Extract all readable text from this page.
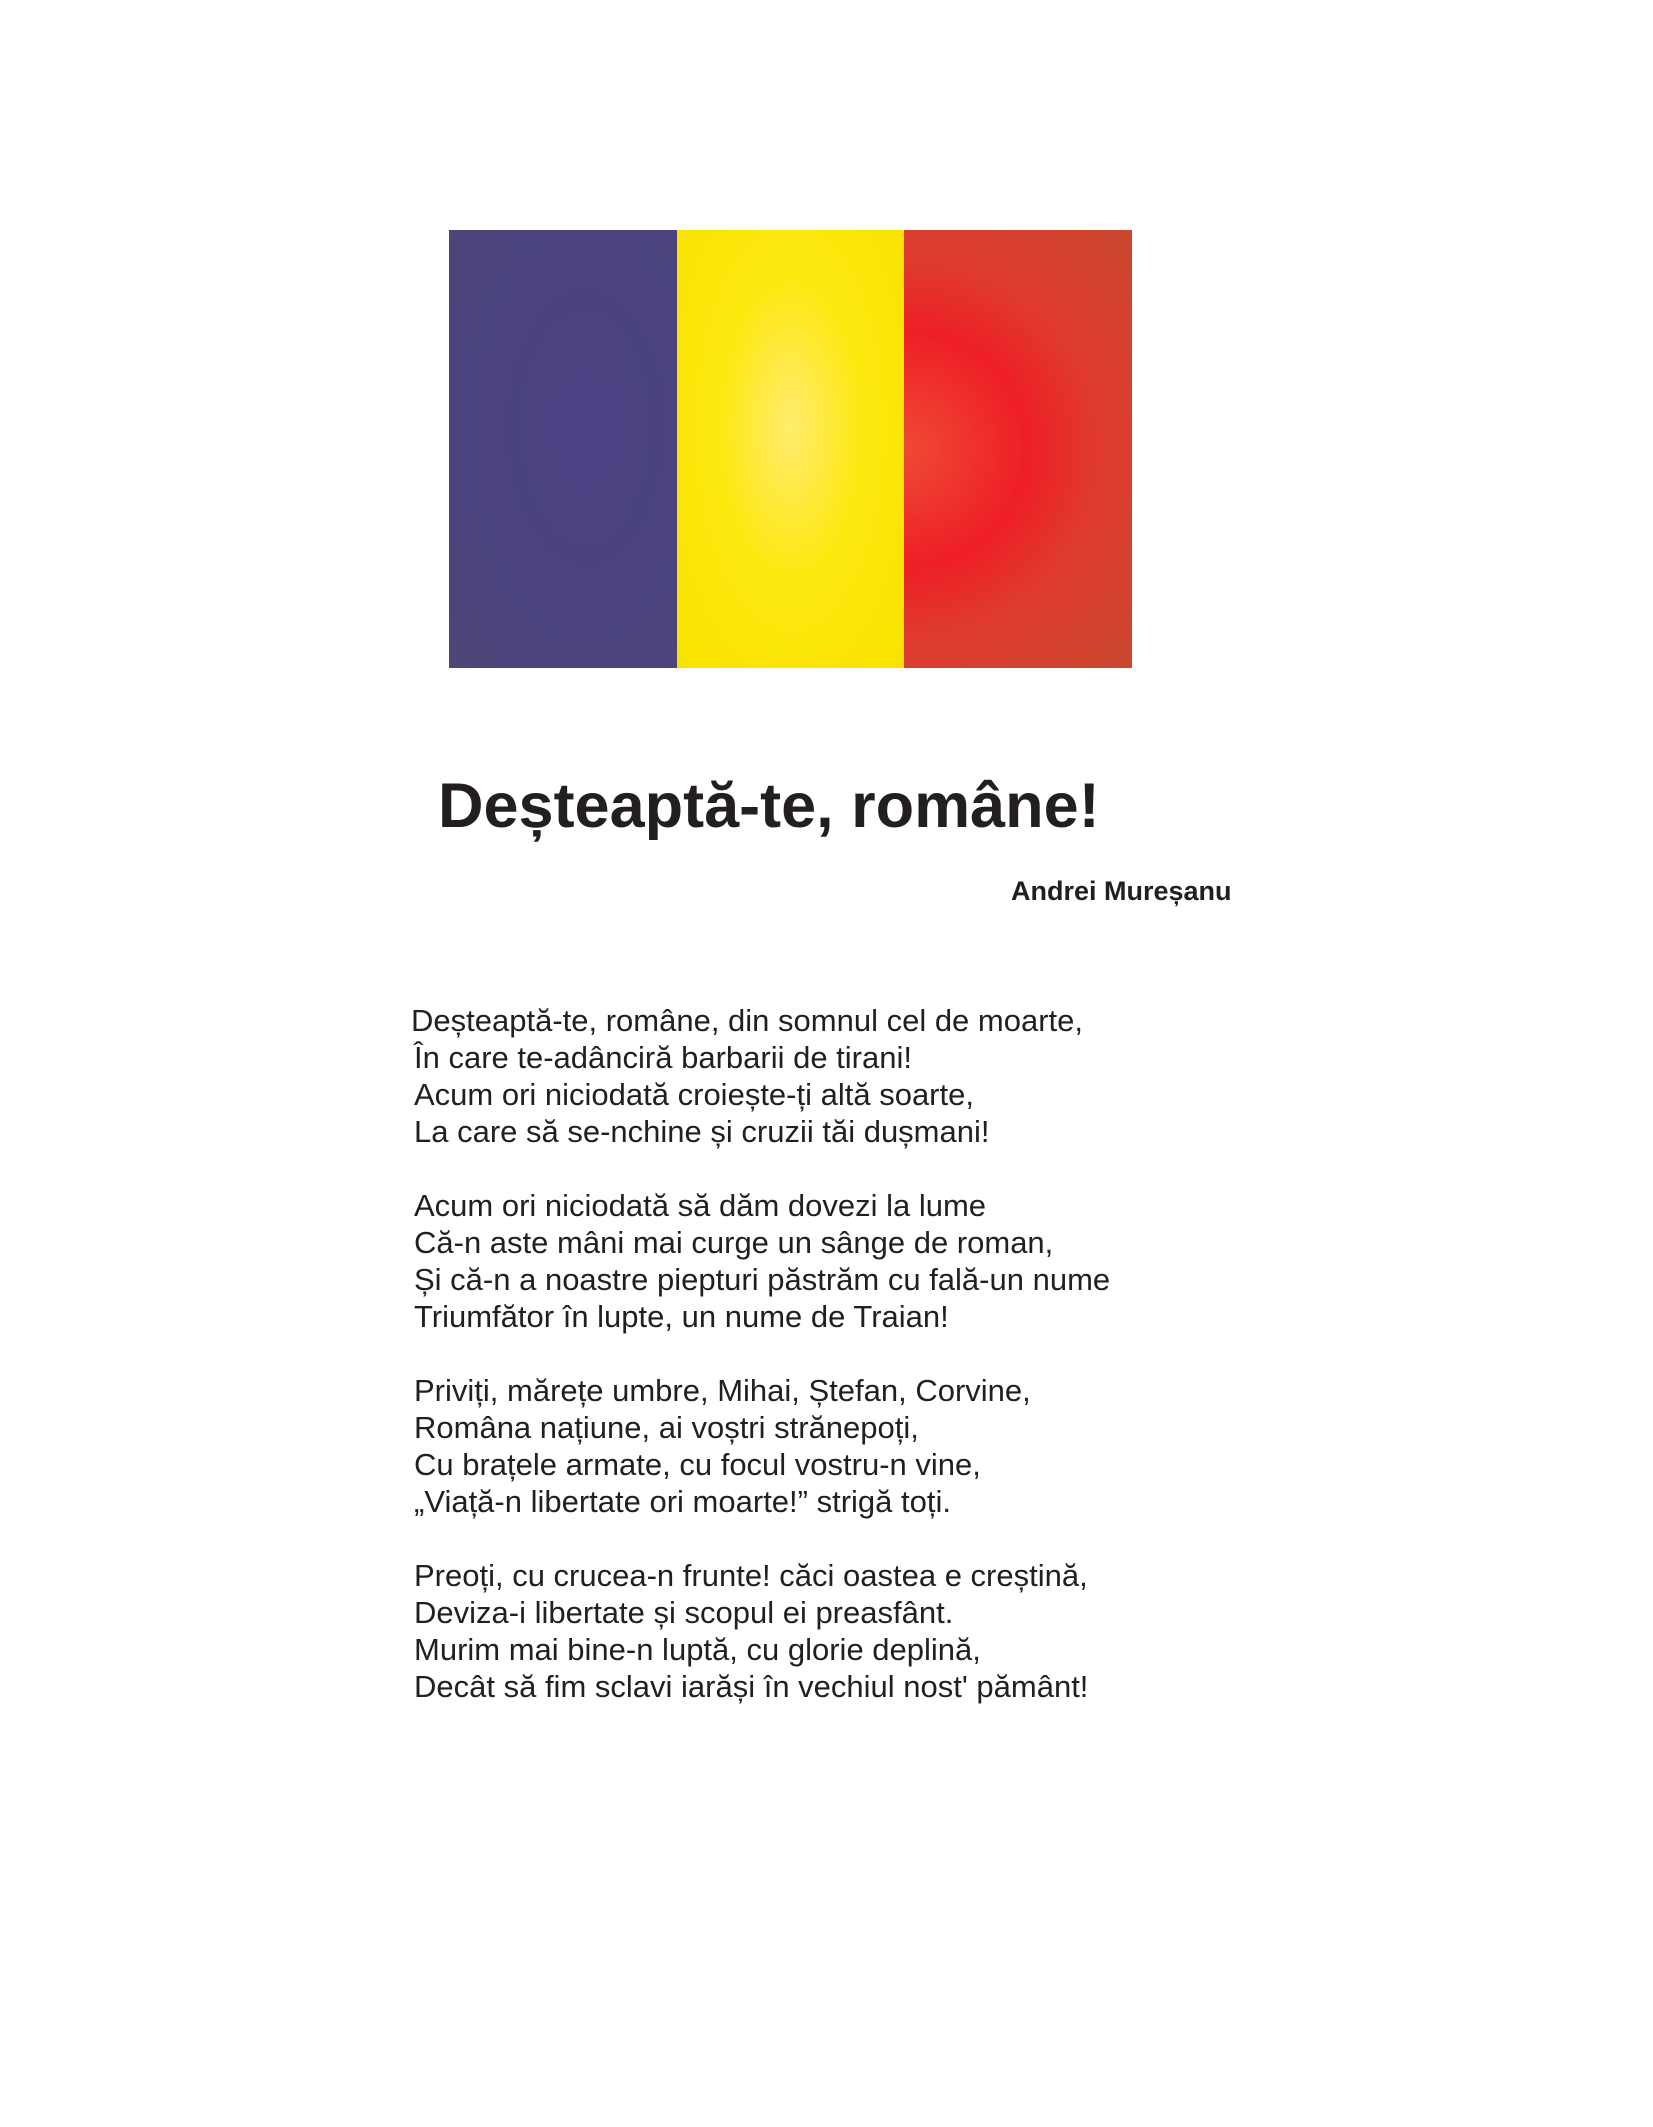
Deșteaptă-te, române!

Andrei Mureșanu

Deșteaptă-te, române, din somnul cel de moarte,
În care te-adânciră barbarii de tirani!
Acum ori niciodată croiește-ți altă soarte,
La care să se-nchine și cruzii tăi dușmani!
Acum ori niciodată să dăm dovezi la lume
Că-n aste mâni mai curge un sânge de roman,
Și că-n a noastre piepturi păstrăm cu fală-un nume
Triumfător în lupte, un nume de Traian!
Priviți, mărețe umbre, Mihai, Ștefan, Corvine,
Româna națiune, ai voștri strănepoți,
Cu brațele armate, cu focul vostru-n vine,
„Viață-n libertate ori moarte!” strigă toți.
Preoți, cu crucea-n frunte! căci oastea e creștină,
Deviza-i libertate și scopul ei preasfânt.
Murim mai bine-n luptă, cu glorie deplină,
Decât să fim sclavi iarăși în vechiul nost' pământ!
